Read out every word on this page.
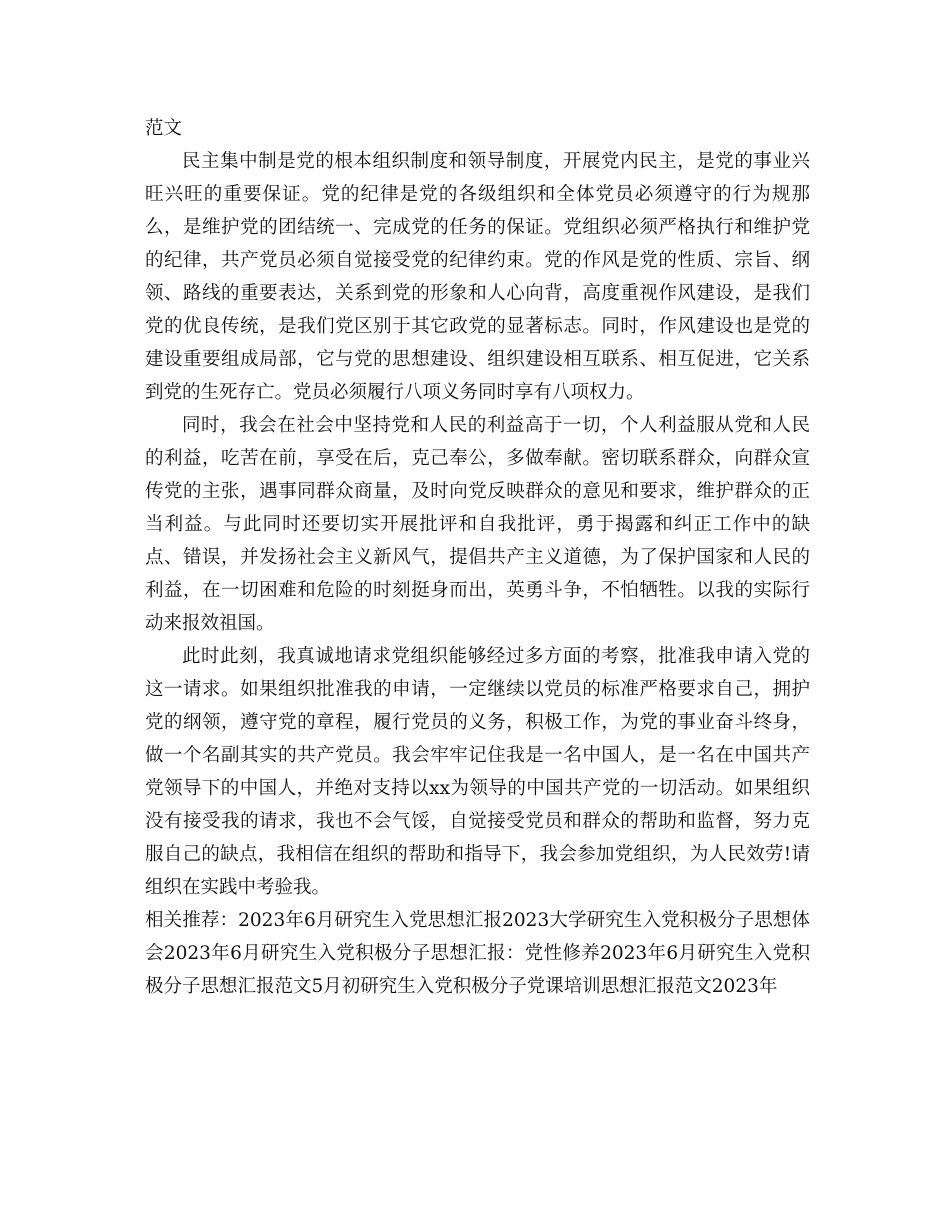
范文

民主集中制是党的根本组织制度和领导制度，开展党内民主，是党的事业兴旺兴旺的重要保证。党的纪律是党的各级组织和全体党员必须遵守的行为规那么，是维护党的团结统一、完成党的任务的保证。党组织必须严格执行和维护党的纪律，共产党员必须自觉接受党的纪律约束。党的作风是党的性质、宗旨、纲领、路线的重要表达，关系到党的形象和人心向背，高度重视作风建设，是我们党的优良传统，是我们党区别于其它政党的显著标志。同时，作风建设也是党的建设重要组成局部，它与党的思想建设、组织建设相互联系、相互促进，它关系到党的生死存亡。党员必须履行八项义务同时享有八项权力。

同时，我会在社会中坚持党和人民的利益高于一切，个人利益服从党和人民的利益，吃苦在前，享受在后，克己奉公，多做奉献。密切联系群众，向群众宣传党的主张，遇事同群众商量，及时向党反映群众的意见和要求，维护群众的正当利益。与此同时还要切实开展批评和自我批评，勇于揭露和纠正工作中的缺点、错误，并发扬社会主义新风气，提倡共产主义道德，为了保护国家和人民的利益，在一切困难和危险的时刻挺身而出，英勇斗争，不怕牺牲。以我的实际行动来报效祖国。

此时此刻，我真诚地请求党组织能够经过多方面的考察，批准我申请入党的这一请求。如果组织批准我的申请，一定继续以党员的标准严格要求自己，拥护党的纲领，遵守党的章程，履行党员的义务，积极工作，为党的事业奋斗终身，做一个名副其实的共产党员。我会牢牢记住我是一名中国人，是一名在中国共产党领导下的中国人，并绝对支持以xx为领导的中国共产党的一切活动。如果组织没有接受我的请求，我也不会气馁，自觉接受党员和群众的帮助和监督，努力克服自己的缺点，我相信在组织的帮助和指导下，我会参加党组织，为人民效劳!请组织在实践中考验我。

相关推荐：2023年6月研究生入党思想汇报2023大学研究生入党积极分子思想体会2023年6月研究生入党积极分子思想汇报：党性修养2023年6月研究生入党积极分子思想汇报范文5月初研究生入党积极分子党课培训思想汇报范文2023年
